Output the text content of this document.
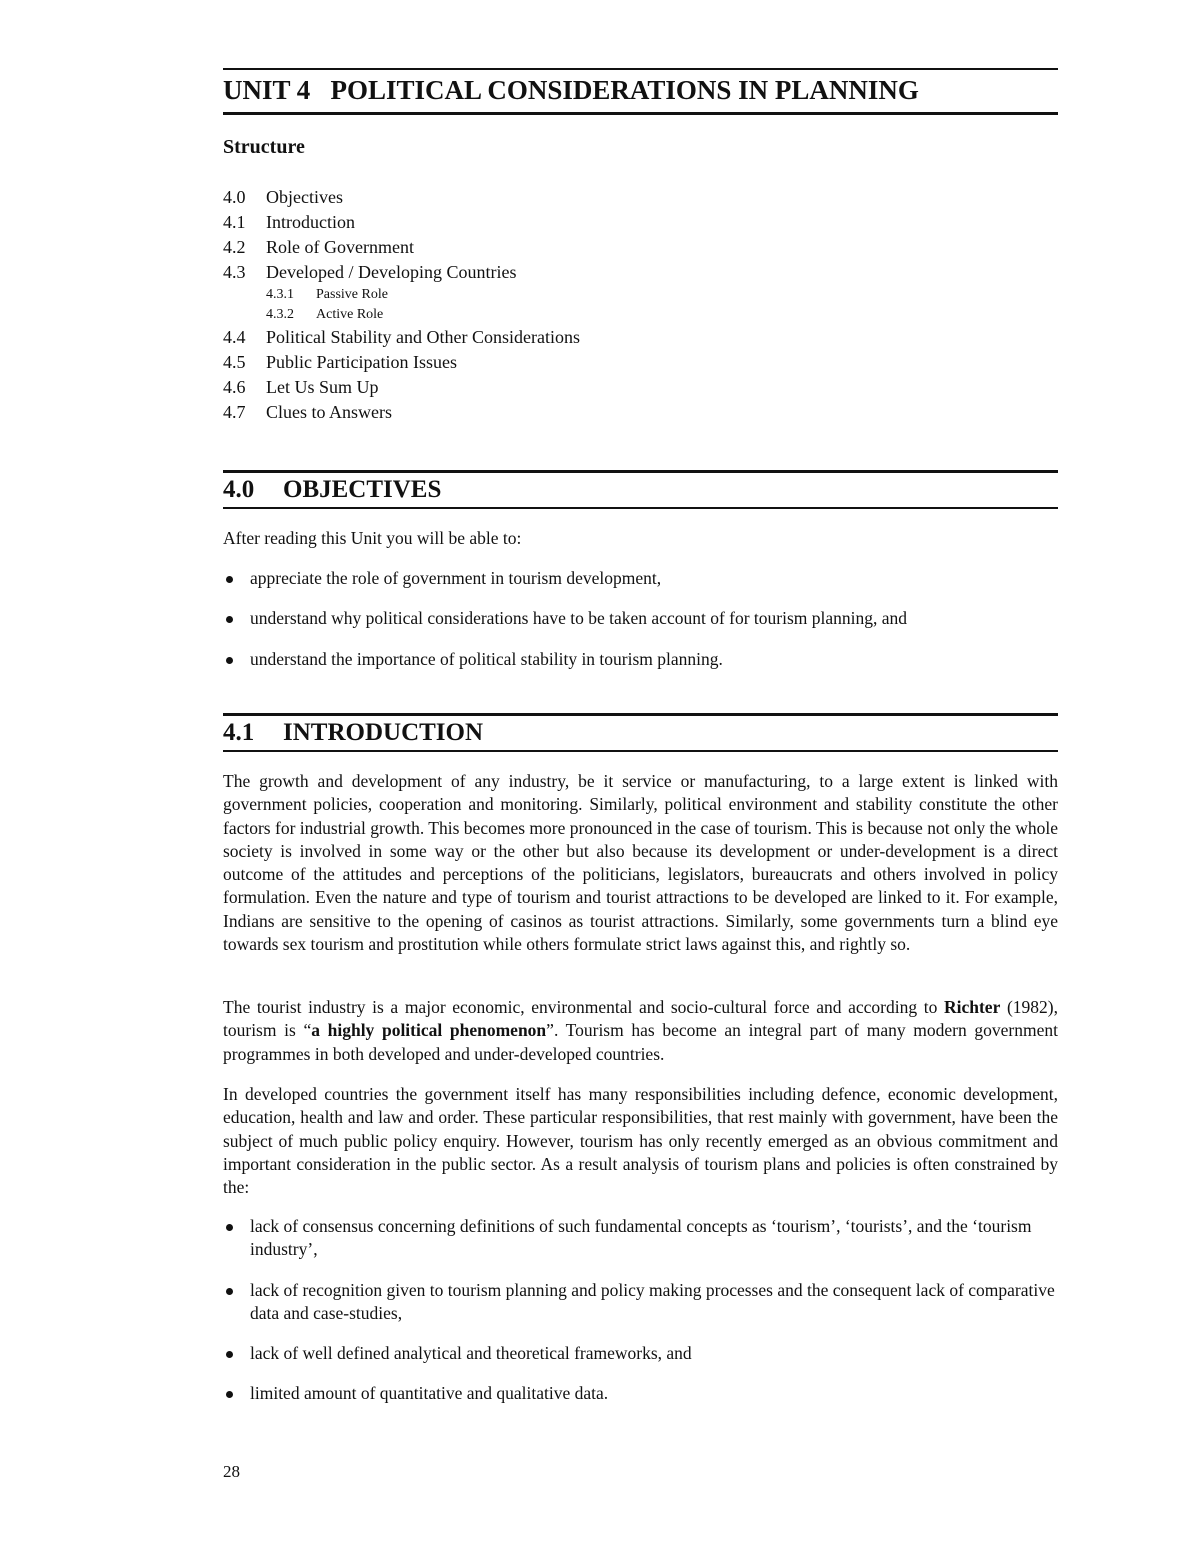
UNIT 4 POLITICAL CONSIDERATIONS IN PLANNING
Structure
4.0 Objectives
4.1 Introduction
4.2 Role of Government
4.3 Developed / Developing Countries
4.3.1 Passive Role
4.3.2 Active Role
4.4 Political Stability and Other Considerations
4.5 Public Participation Issues
4.6 Let Us Sum Up
4.7 Clues to Answers
4.0 OBJECTIVES

After reading this Unit you will be able to:

appreciate the role of government in tourism development,
understand why political considerations have to be taken account of for tourism planning, and
understand the importance of political stability in tourism planning.
4.1 INTRODUCTION

The growth and development of any industry, be it service or manufacturing, to a large extent is linked with government policies, cooperation and monitoring. Similarly, political environment and stability constitute the other factors for industrial growth. This becomes more pronounced in the case of tourism. This is because not only the whole society is involved in some way or the other but also because its development or under-development is a direct outcome of the attitudes and perceptions of the politicians, legislators, bureaucrats and others involved in policy formulation. Even the nature and type of tourism and tourist attractions to be developed are linked to it. For example, Indians are sensitive to the opening of casinos as tourist attractions. Similarly, some governments turn a blind eye towards sex tourism and prostitution while others formulate strict laws against this, and rightly so.

The tourist industry is a major economic, environmental and socio-cultural force and according to Richter (1982), tourism is “a highly political phenomenon”. Tourism has become an integral part of many modern government programmes in both developed and under-developed countries.

In developed countries the government itself has many responsibilities including defence, economic development, education, health and law and order. These particular responsibilities, that rest mainly with government, have been the subject of much public policy enquiry. However, tourism has only recently emerged as an obvious commitment and important consideration in the public sector. As a result analysis of tourism plans and policies is often constrained by the:

lack of consensus concerning definitions of such fundamental concepts as ‘tourism’, ‘tourists’, and the ‘tourism industry’,
lack of recognition given to tourism planning and policy making processes and the consequent lack of comparative data and case-studies,
lack of well defined analytical and theoretical frameworks, and
limited amount of quantitative and qualitative data.
28
